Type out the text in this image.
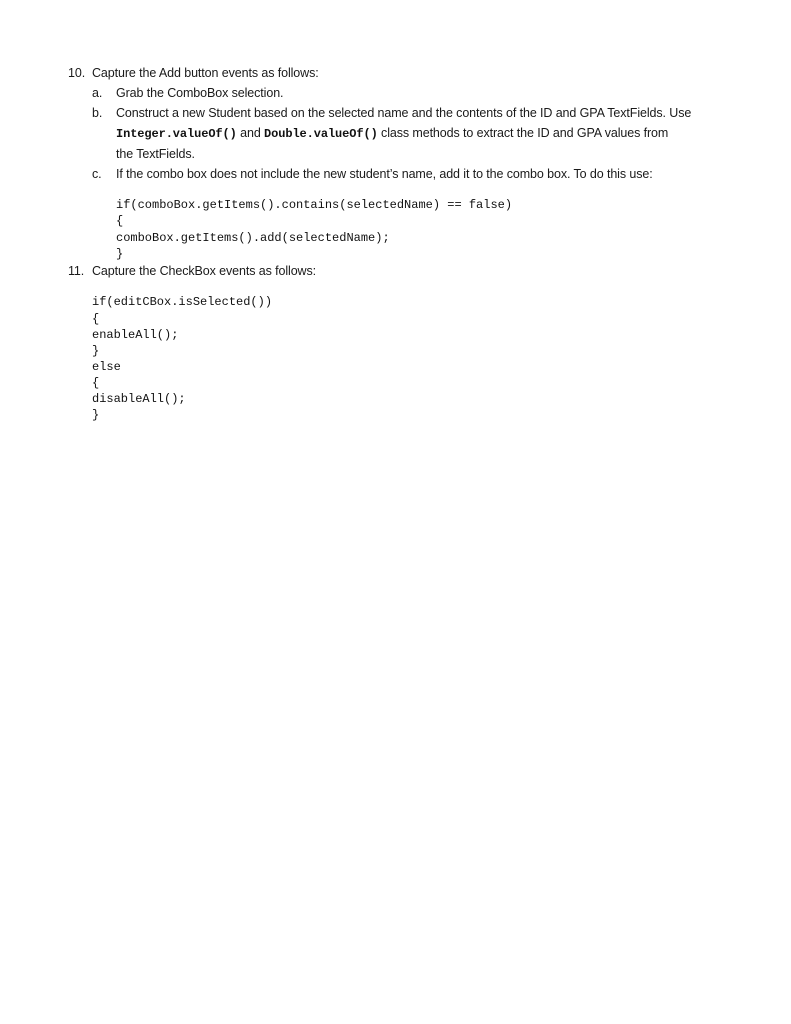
10. Capture the Add button events as follows:
a. Grab the ComboBox selection.
b. Construct a new Student based on the selected name and the contents of the ID and GPA TextFields. Use
Integer.valueOf() and Double.valueOf() class methods to extract the ID and GPA values from
the TextFields.
c. If the combo box does not include the new student’s name, add it to the combo box. To do this use:
if(comboBox.getItems().contains(selectedName) == false)
{
comboBox.getItems().add(selectedName);
}
11. Capture the CheckBox events as follows:
if(editCBox.isSelected())
{
enableAll();
}
else
{
disableAll();
}
